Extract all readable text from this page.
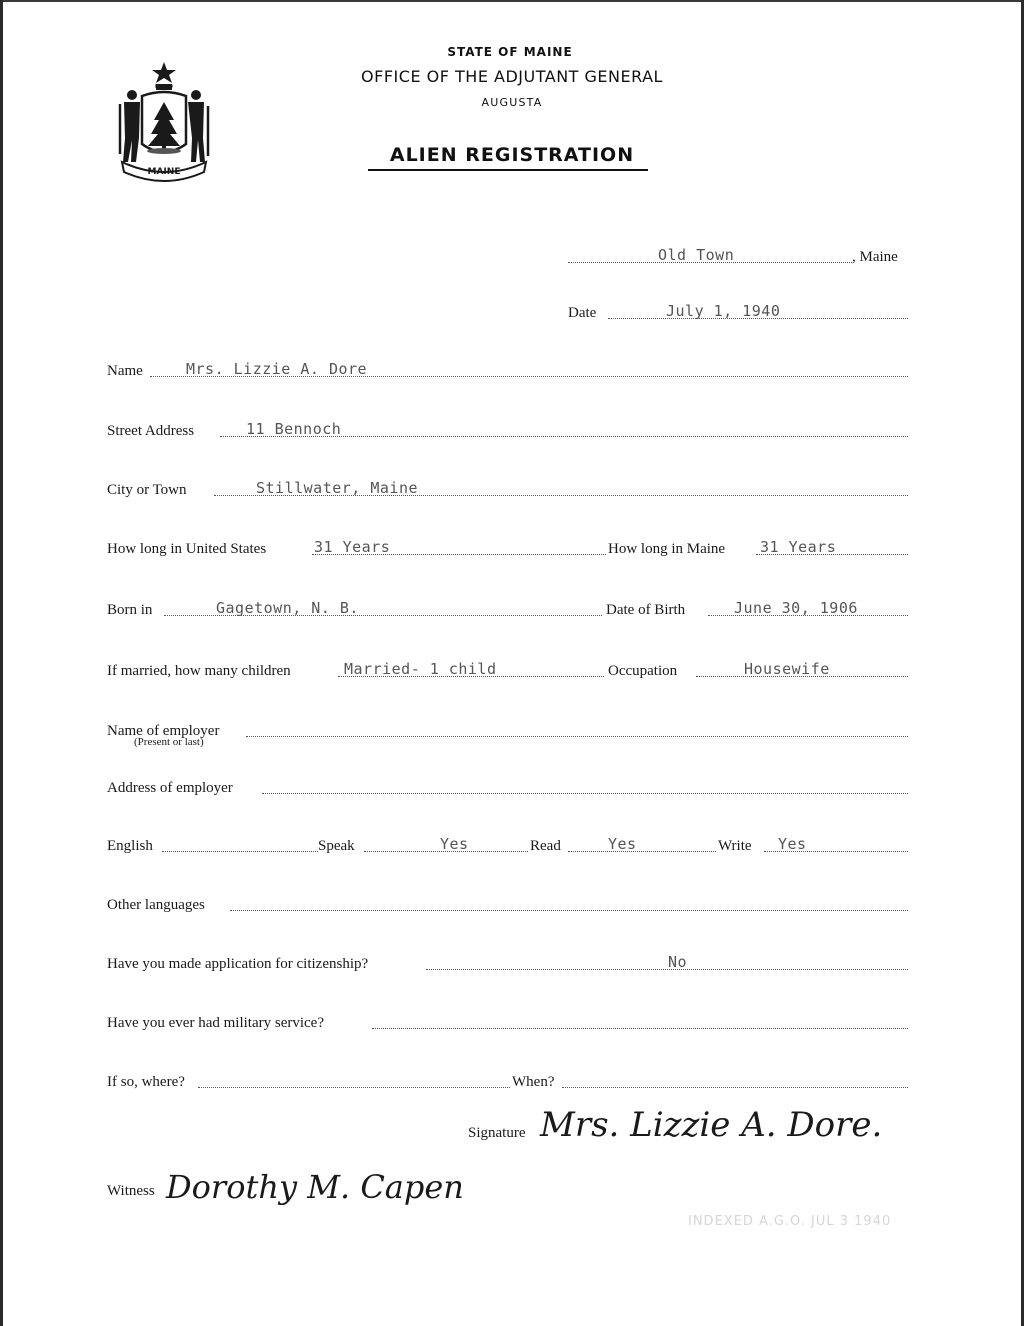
MAINE
DIRIGO
STATE OF MAINE
OFFICE OF THE ADJUTANT GENERAL
AUGUSTA
ALIEN REGISTRATION
Old Town	, Maine
Date	July 1, 1940
Name	Mrs. Lizzie A. Dore
Street Address	11 Bennoch
City or Town	Stillwater, Maine
How long in United States	31 Years	How long in Maine 31 Years
Born in	Gagetown, N. B.	Date of Birth	June 30, 1906
If married, how many children	Married- 1 child	Occupation	Housewife
Name of employer
(Present or last)
Address of employer
English	Speak	Yes	Read	Yes	Write Yes
Other languages
Have you made application for citizenship?	No
Have you ever had military service?
If so, where?	When?
Signature Mrs. Lizzie A. Dore.
Witness Dorothy M. Capen
INDEXED A.G.O. JUL 3 1940
